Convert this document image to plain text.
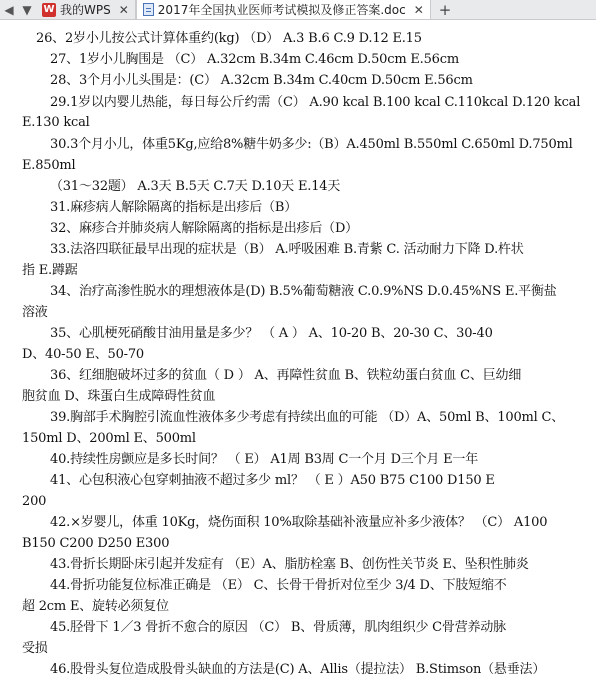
◀ ▼	W 我的WPS ✕ 2017年全国执业医师考试模拟及修正答案.doc ✕ +
26、2岁小儿按公式计算体重约(kg) （D） A.3 B.6 C.9 D.12 E.15
27、1岁小儿胸围是 （C） A.32cm B.34m C.46cm D.50cm E.56cm
28、3个月小儿头围是：(C） A.32cm B.34m C.40cm D.50cm E.56cm
29.1岁以内婴儿热能，每日每公斤约需（C） A.90 kcal B.100 kcal C.110kcal D.120 kcal
E.130 kcal
30.3个月小儿，体重5Kg,应给8%糖牛奶多少:（B）A.450ml B.550ml C.650ml D.750ml
E.850ml
（31～32题） A.3天 B.5天 C.7天 D.10天 E.14天
31.麻疹病人解除隔离的指标是出疹后（B）
32、麻疹合并肺炎病人解除隔离的指标是出疹后（D）
33.法洛四联征最早出现的症状是（B） A.呼吸困难 B.青紫 C. 活动耐力下降 D.杵状
指 E.蹲踞
34、治疗高渗性脱水的理想液体是(D) B.5%葡萄糖液 C.0.9%NS D.0.45%NS E.平衡盐
溶液
35、心肌梗死硝酸甘油用量是多少？ （ A ） A、10-20 B、20-30 C、30-40
D、40-50 E、50-70
36、红细胞破坏过多的贫血（ D ） A、再障性贫血 B、铁粒幼蛋白贫血 C、巨幼细
胞贫血 D、珠蛋白生成障碍性贫血
39.胸部手术胸腔引流血性液体多少考虑有持续出血的可能 （D）A、50ml B、100ml C、
150ml D、200ml E、500ml
40.持续性房颤应是多长时间？ （ E） A1周 B3周 C一个月 D三个月 E一年
41、心包积液心包穿刺抽液不超过多少 ml？ （ E ）A50 B75 C100 D150 E
200
42.×岁婴儿，体重 10Kg，烧伤面积 10%取除基础补液量应补多少液体？ （C） A100
B150 C200 D250 E300
43.骨折长期卧床引起并发症有 （E）A、脂肪栓塞 B、创伤性关节炎 E、坠积性肺炎
44.骨折功能复位标准正确是 （E） C、长骨干骨折对位至少 3/4 D、下肢短缩不
超 2cm E、旋转必须复位
45.胫骨下 1／3 骨折不愈合的原因 （C） B、骨质薄，肌肉组织少 C骨营养动脉
受损
46.股骨头复位造成股骨头缺血的方法是(C) A、Allis（提拉法） B.Stimson（悬垂法）
